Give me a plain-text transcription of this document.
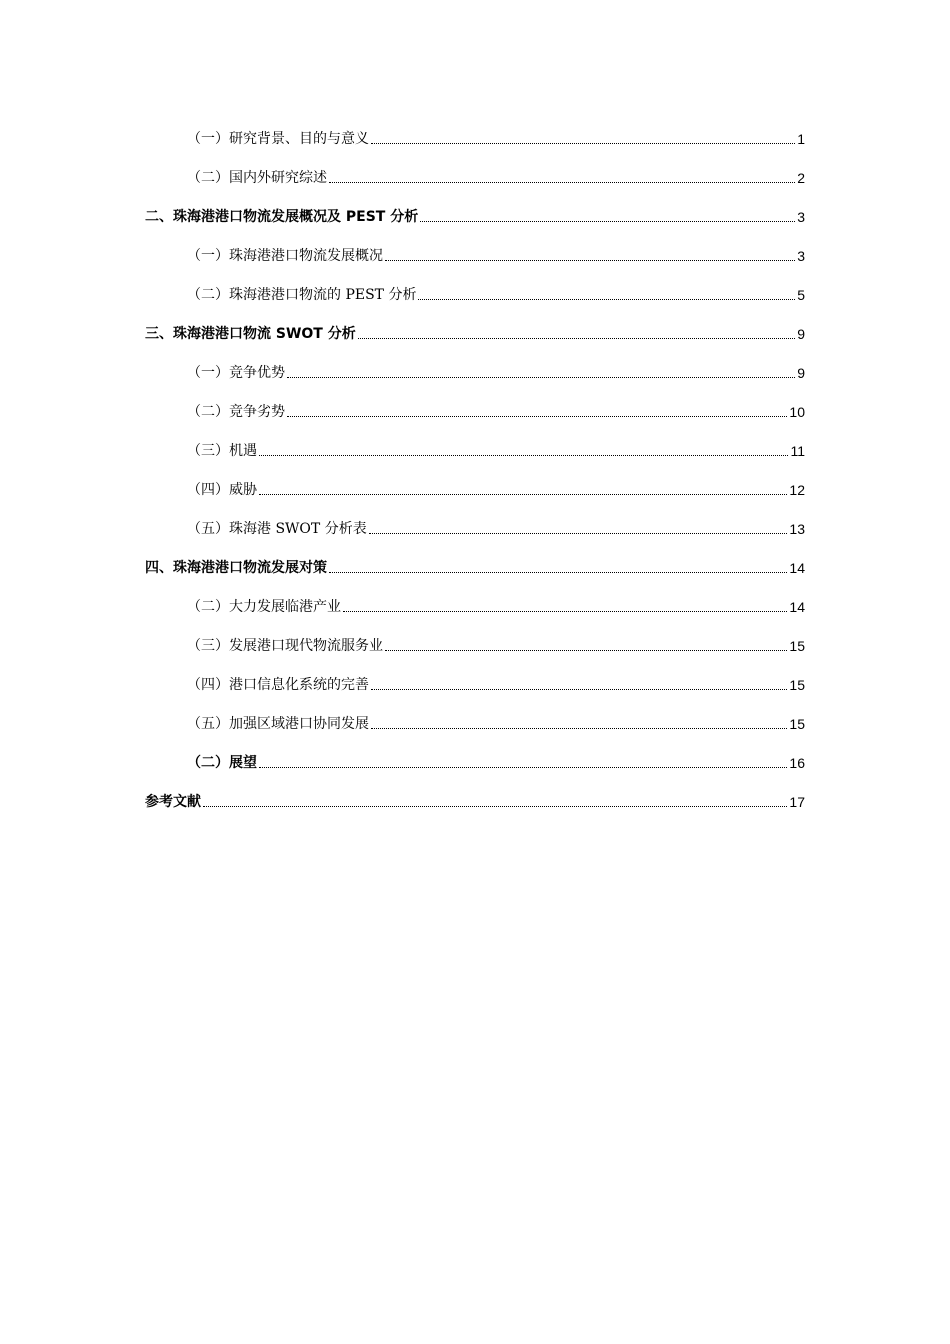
（一）研究背景、目的与意义	1
（二）国内外研究综述	2
二、珠海港港口物流发展概况及 PEST 分析	3
（一）珠海港港口物流发展概况	3
（二）珠海港港口物流的 PEST 分析	5
三、珠海港港口物流 SWOT 分析	9
（一）竞争优势	9
（二）竞争劣势	10
（三）机遇	11
（四）威胁	12
（五）珠海港 SWOT 分析表	13
四、珠海港港口物流发展对策	14
（二）大力发展临港产业	14
（三）发展港口现代物流服务业	15
（四）港口信息化系统的完善	15
（五）加强区域港口协同发展	15
（二）展望	16
参考文献	17
